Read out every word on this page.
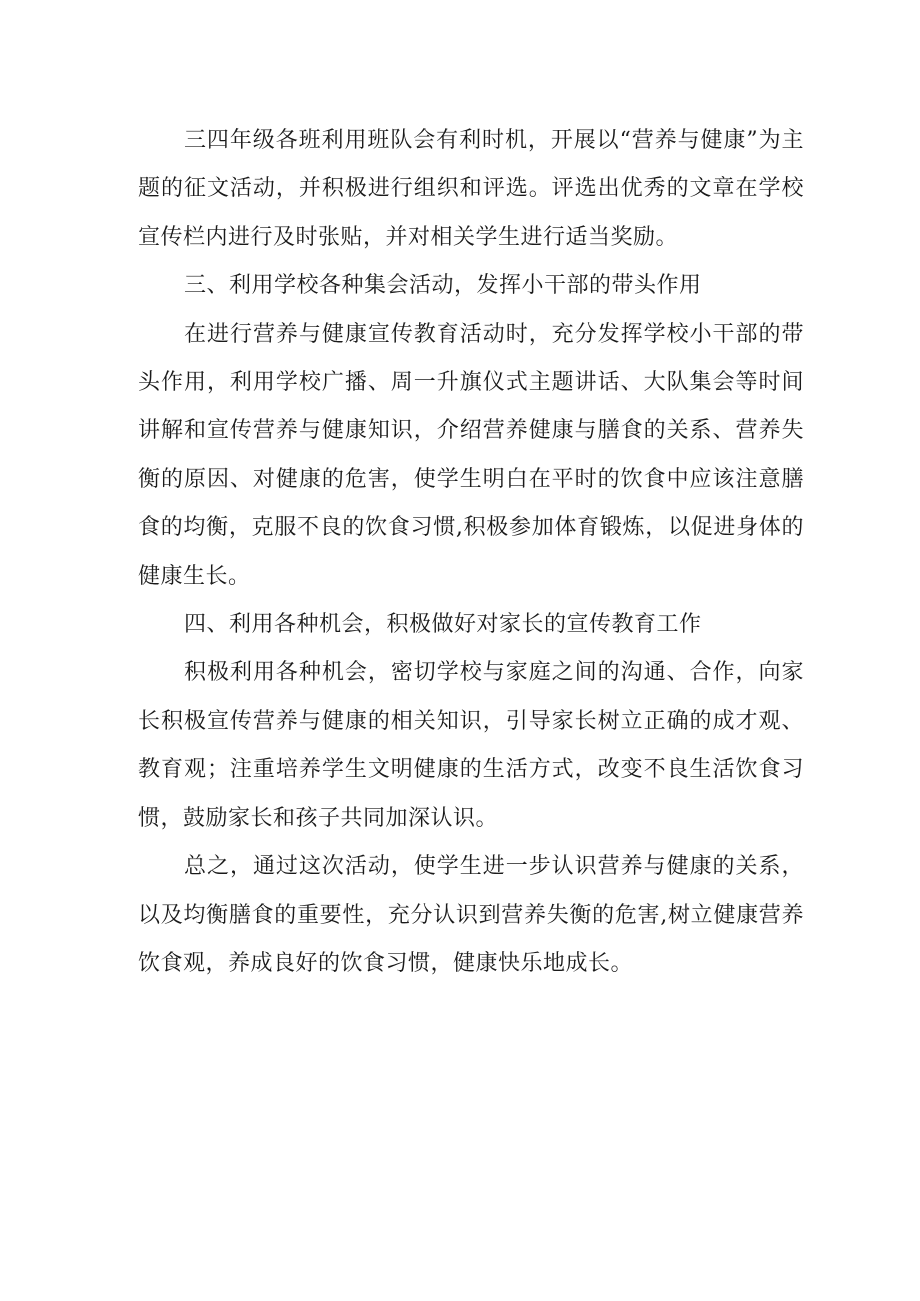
三四年级各班利用班队会有利时机，开展以“营养与健康”为主题的征文活动，并积极进行组织和评选。评选出优秀的文章在学校宣传栏内进行及时张贴，并对相关学生进行适当奖励。

三、利用学校各种集会活动，发挥小干部的带头作用

在进行营养与健康宣传教育活动时，充分发挥学校小干部的带头作用，利用学校广播、周一升旗仪式主题讲话、大队集会等时间讲解和宣传营养与健康知识，介绍营养健康与膳食的关系、营养失衡的原因、对健康的危害，使学生明白在平时的饮食中应该注意膳食的均衡，克服不良的饮食习惯,积极参加体育锻炼，以促进身体的健康生长。

四、利用各种机会，积极做好对家长的宣传教育工作

积极利用各种机会，密切学校与家庭之间的沟通、合作，向家长积极宣传营养与健康的相关知识，引导家长树立正确的成才观、教育观；注重培养学生文明健康的生活方式，改变不良生活饮食习惯，鼓励家长和孩子共同加深认识。

总之，通过这次活动，使学生进一步认识营养与健康的关系，以及均衡膳食的重要性，充分认识到营养失衡的危害,树立健康营养饮食观，养成良好的饮食习惯，健康快乐地成长。
